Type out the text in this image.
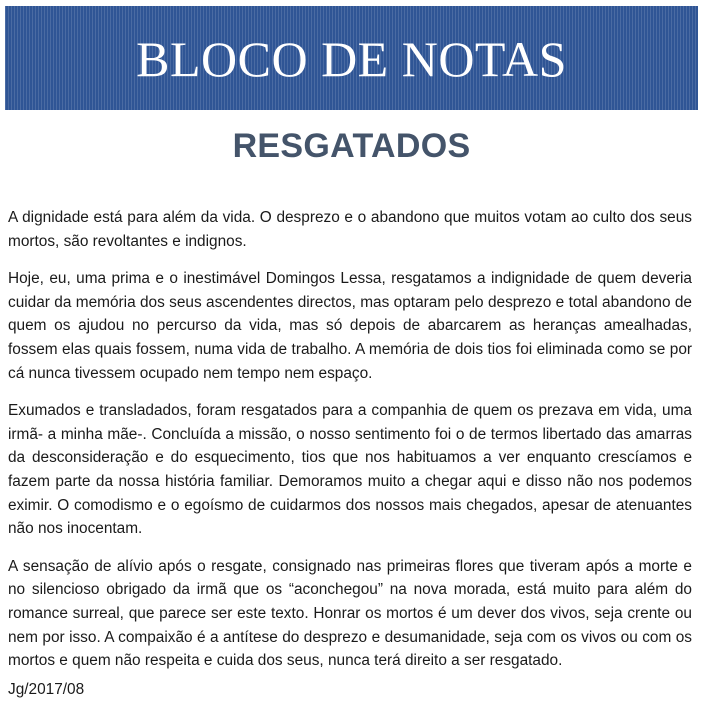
BLOCO DE NOTAS
RESGATADOS

A dignidade está para além da vida. O desprezo e o abandono que muitos votam ao culto dos seus mortos, são revoltantes e indignos.

Hoje, eu, uma prima e o inestimável Domingos Lessa, resgatamos a indignidade de quem deveria cuidar da memória dos seus ascendentes directos, mas optaram pelo desprezo e total abandono de quem os ajudou no percurso da vida, mas só depois de abarcarem as heranças amealhadas, fossem elas quais fossem, numa vida de trabalho. A memória de dois tios foi eliminada como se por cá nunca tivessem ocupado nem tempo nem espaço.

Exumados e transladados, foram resgatados para a companhia de quem os prezava em vida, uma irmã- a minha mãe-. Concluída a missão, o nosso sentimento foi o de termos libertado das amarras da desconsideração e do esquecimento, tios que nos habituamos a ver enquanto crescíamos e fazem parte da nossa história familiar. Demoramos muito a chegar aqui e disso não nos podemos eximir. O comodismo e o egoísmo de cuidarmos dos nossos mais chegados, apesar de atenuantes não nos inocentam.

A sensação de alívio após o resgate, consignado nas primeiras flores que tiveram após a morte e no silencioso obrigado da irmã que os “aconchegou” na nova morada, está muito para além do romance surreal, que parece ser este texto. Honrar os mortos é um dever dos vivos, seja crente ou nem por isso. A compaixão é a antítese do desprezo e desumanidade, seja com os vivos ou com os mortos e quem não respeita e cuida dos seus, nunca terá direito a ser resgatado.

Jg/2017/08
